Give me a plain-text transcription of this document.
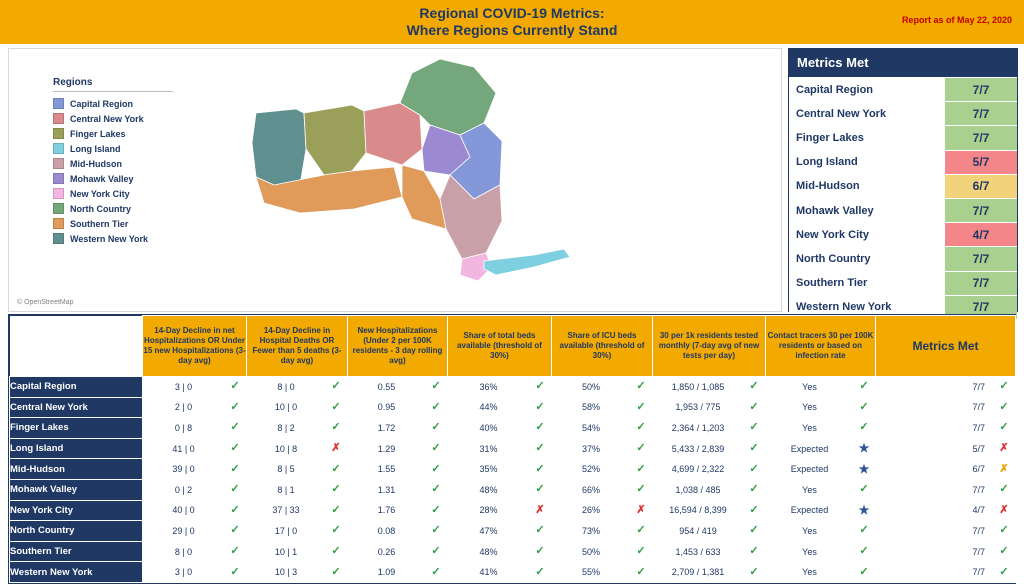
Regional COVID-19 Metrics:
Where Regions Currently Stand
Report as of May 22, 2020
Regions
Capital Region
Central New York
Finger Lakes
Long Island
Mid-Hudson
Mohawk Valley
New York City
North Country
Southern Tier
Western New York
© OpenStreetMap
Metrics Met
Capital Region	7/7
Central New York	7/7
Finger Lakes	7/7
Long Island	5/7
Mid-Hudson	6/7
Mohawk Valley	7/7
New York City	4/7
North Country	7/7
Southern Tier	7/7
Western New York	7/7
	14-Day Decline in net Hospitalizations OR Under 15 new Hospitalizations (3-day avg)	14-Day Decline in Hospital Deaths OR Fewer than 5 deaths (3-day avg)	New Hospitalizations (Under 2 per 100K residents - 3 day rolling avg)	Share of total beds available (threshold of 30%)	Share of ICU beds available (threshold of 30%)	30 per 1k residents tested monthly (7-day avg of new tests per day)	Contact tracers 30 per 100K residents or based on infection rate	Metrics Met
Capital Region	3 | 0 ✓	8 | 0 ✓	0.55 ✓	36% ✓	50% ✓	1,850 / 1,085 ✓	Yes ✓	7/7 ✓

Central New York	2 | 0 ✓	10 | 0 ✓	0.95 ✓	44% ✓	58% ✓	1,953 / 775 ✓	Yes ✓	7/7 ✓

Finger Lakes	0 | 8 ✓	8 | 2 ✓	1.72 ✓	40% ✓	54% ✓	2,364 / 1,203 ✓	Yes ✓	7/7 ✓

Long Island	41 | 0 ✓	10 | 8 ✗	1.29 ✓	31% ✓	37% ✓	5,433 / 2,839 ✓	Expected ★	5/7 ✗

Mid-Hudson	39 | 0 ✓	8 | 5 ✓	1.55 ✓	35% ✓	52% ✓	4,699 / 2,322 ✓	Expected ★	6/7 ✗

Mohawk Valley	0 | 2 ✓	8 | 1 ✓	1.31 ✓	48% ✓	66% ✓	1,038 / 485 ✓	Yes ✓	7/7 ✓

New York City	40 | 0 ✓	37 | 33 ✓	1.76 ✓	28% ✗	26% ✗	16,594 / 8,399 ✓	Expected ★	4/7 ✗

North Country	29 | 0 ✓	17 | 0 ✓	0.08 ✓	47% ✓	73% ✓	954 / 419 ✓	Yes ✓	7/7 ✓

Southern Tier	8 | 0 ✓	10 | 1 ✓	0.26 ✓	48% ✓	50% ✓	1,453 / 633 ✓	Yes ✓	7/7 ✓

Western New York	3 | 0 ✓	10 | 3 ✓	1.09 ✓	41% ✓	55% ✓	2,709 / 1,381 ✓	Yes ✓	7/7 ✓
